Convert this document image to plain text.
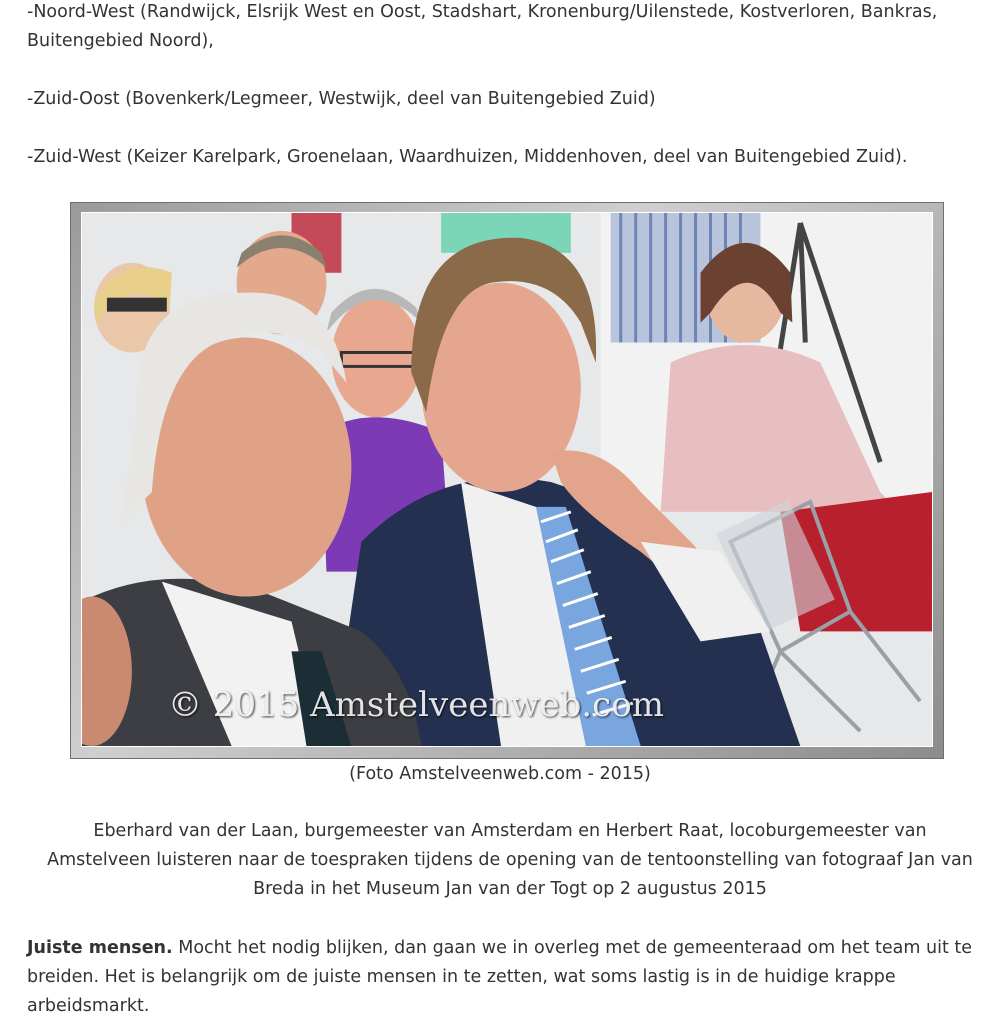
-Noord-West (Randwijck, Elsrijk West en Oost, Stadshart, Kronenburg/Uilenstede, Kostverloren, Bankras, Buitengebied Noord),

-Zuid-Oost (Bovenkerk/Legmeer, Westwijk, deel van Buitengebied Zuid)

-Zuid-West (Keizer Karelpark, Groenelaan, Waardhuizen, Middenhoven, deel van Buitengebied Zuid).

© 2015 Amstelveenweb.com
(Foto Amstelveenweb.com - 2015)

Eberhard van der Laan, burgemeester van Amsterdam en Herbert Raat, locoburgemeester van Amstelveen luisteren naar de toespraken tijdens de opening van de tentoonstelling van fotograaf Jan van Breda in het Museum Jan van der Togt op 2 augustus 2015

Juiste mensen. Mocht het nodig blijken, dan gaan we in overleg met de gemeenteraad om het team uit te breiden. Het is belangrijk om de juiste mensen in te zetten, wat soms lastig is in de huidige krappe arbeidsmarkt.
